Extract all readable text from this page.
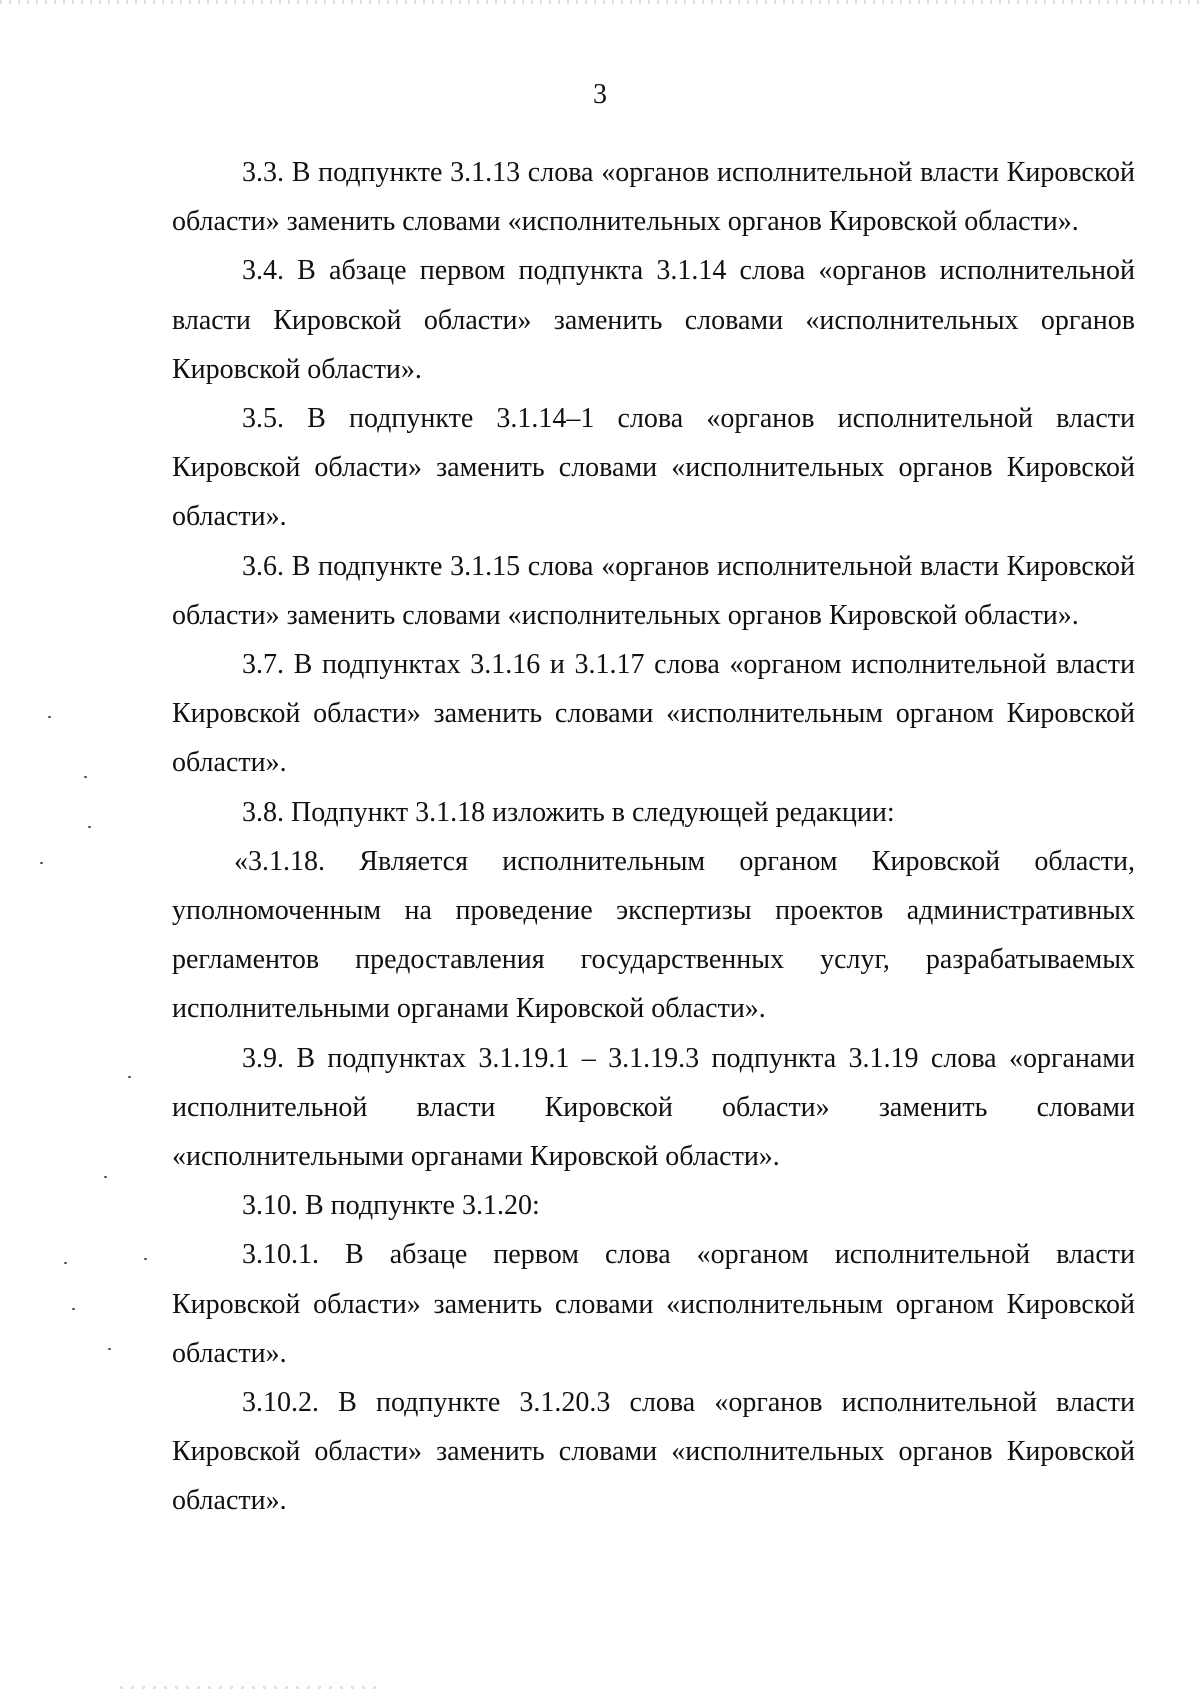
3

3.3. В подпункте 3.1.13 слова «органов исполнительной власти Кировской области» заменить словами «исполнительных органов Кировской области».

3.4. В абзаце первом подпункта 3.1.14 слова «органов исполнительной власти Кировской области» заменить словами «исполнительных органов Кировской области».

3.5. В подпункте 3.1.14–1 слова «органов исполнительной власти Кировской области» заменить словами «исполнительных органов Кировской области».

3.6. В подпункте 3.1.15 слова «органов исполнительной власти Кировской области» заменить словами «исполнительных органов Кировской области».

3.7. В подпунктах 3.1.16 и 3.1.17 слова «органом исполнительной власти Кировской области» заменить словами «исполнительным органом Кировской области».

3.8. Подпункт 3.1.18 изложить в следующей редакции:

«3.1.18. Является исполнительным органом Кировской области, уполномоченным на проведение экспертизы проектов административных регламентов предоставления государственных услуг, разрабатываемых исполнительными органами Кировской области».

3.9. В подпунктах 3.1.19.1 – 3.1.19.3 подпункта 3.1.19 слова «органами исполнительной власти Кировской области» заменить словами «исполнительными органами Кировской области».

3.10. В подпункте 3.1.20:

3.10.1. В абзаце первом слова «органом исполнительной власти Кировской области» заменить словами «исполнительным органом Кировской области».

3.10.2. В подпункте 3.1.20.3 слова «органов исполнительной власти Кировской области» заменить словами «исполнительных органов Кировской области».
